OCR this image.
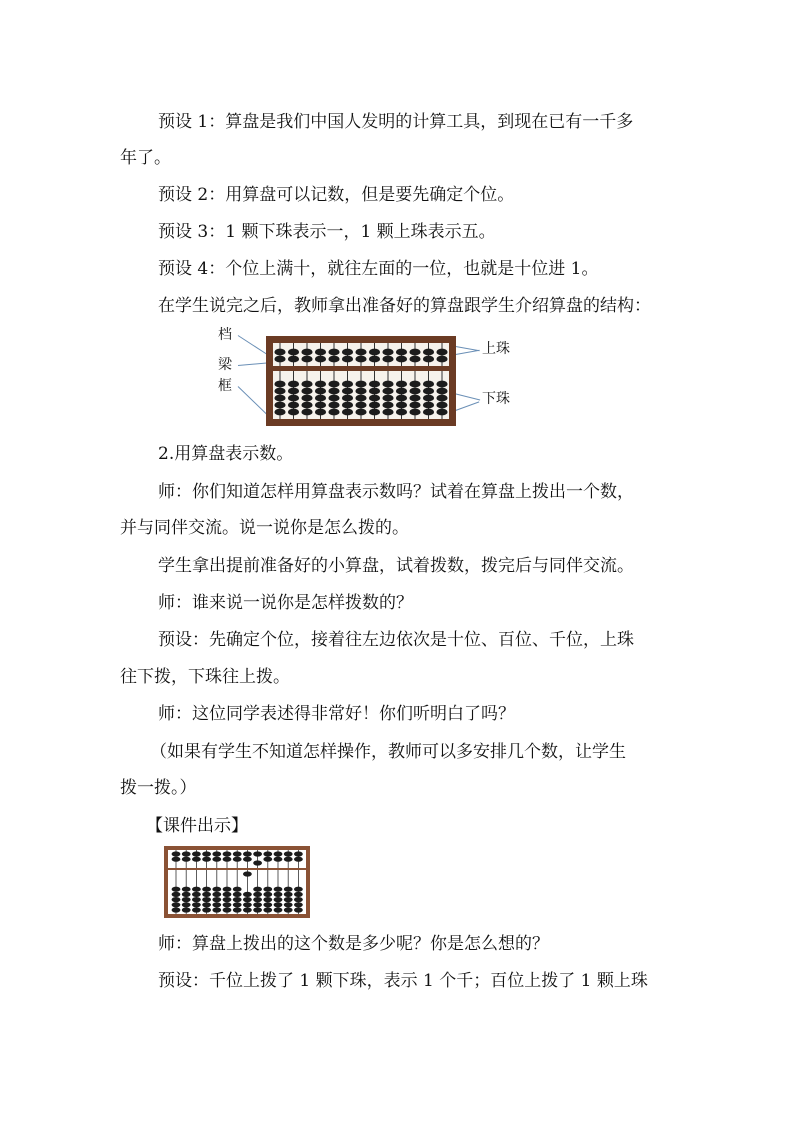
预设 1：算盘是我们中国人发明的计算工具，到现在已有一千多
年了。
预设 2：用算盘可以记数，但是要先确定个位。
预设 3：1 颗下珠表示一，1 颗上珠表示五。
预设 4：个位上满十，就往左面的一位，也就是十位进 1。
在学生说完之后，教师拿出准备好的算盘跟学生介绍算盘的结构：
档
梁
框
上珠
下珠
2.用算盘表示数。
师：你们知道怎样用算盘表示数吗？试着在算盘上拨出一个数，
并与同伴交流。说一说你是怎么拨的。
学生拿出提前准备好的小算盘，试着拨数，拨完后与同伴交流。
师：谁来说一说你是怎样拨数的？
预设：先确定个位，接着往左边依次是十位、百位、千位，上珠
往下拨，下珠往上拨。
师：这位同学表述得非常好！你们听明白了吗？
（如果有学生不知道怎样操作，教师可以多安排几个数，让学生
拨一拨。）
【课件出示】
师：算盘上拨出的这个数是多少呢？你是怎么想的？
预设：千位上拨了 1 颗下珠，表示 1 个千；百位上拨了 1 颗上珠
